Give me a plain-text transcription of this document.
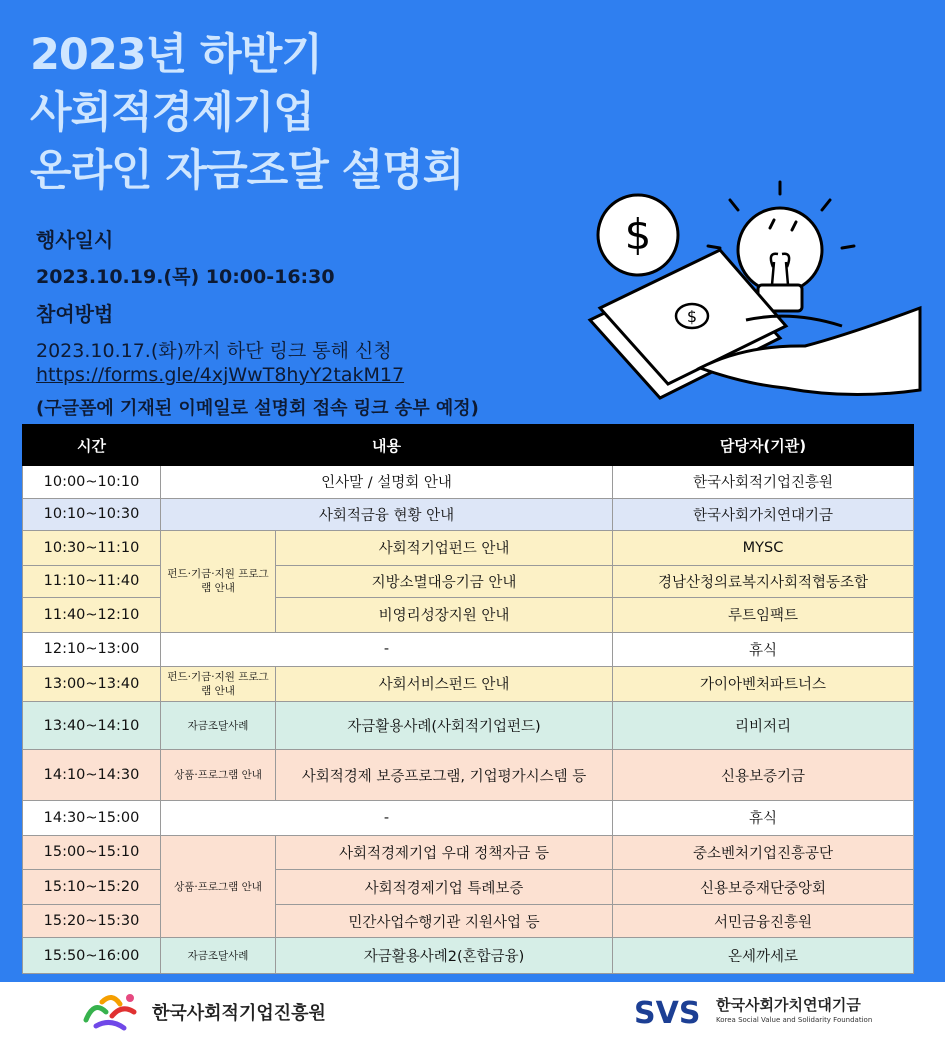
2023년 하반기
사회적경제기업
온라인 자금조달 설명회
행사일시
2023.10.19.(목) 10:00-16:30
참여방법
2023.10.17.(화)까지 하단 링크 통해 신청
https://forms.gle/4xjWwT8hyY2takM17
(구글폼에 기재된 이메일로 설명회 접속 링크 송부 예정)
$
$
시간	내용		담당자(기관)
10:00~10:10	인사말 / 설명회 안내		한국사회적기업진흥원
10:10~10:30	사회적금융 현황 안내		한국사회가치연대기금
10:30~11:10	펀드·기금·지원 프로그램 안내	사회적기업펀드 안내	MYSC
11:10~11:40		지방소멸대응기금 안내	경남산청의료복지사회적협동조합
11:40~12:10		비영리성장지원 안내	루트임팩트
12:10~13:00	-		휴식
13:00~13:40	펀드·기금·지원 프로그램 안내	사회서비스펀드 안내	가이아벤처파트너스
13:40~14:10	자금조달사례	자금활용사례(사회적기업펀드)	리비저리
14:10~14:30	상품·프로그램 안내	사회적경제 보증프로그램, 기업평가시스템 등	신용보증기금
14:30~15:00	-		휴식
15:00~15:10	상품·프로그램 안내	사회적경제기업 우대 정책자금 등	중소벤처기업진흥공단
15:10~15:20		사회적경제기업 특례보증	신용보증재단중앙회
15:20~15:30		민간사업수행기관 지원사업 등	서민금융진흥원
15:50~16:00	자금조달사례	자금활용사례2(혼합금융)	온세까세로
한국사회적기업진흥원	SVS 한국사회가치연대기금
Korea Social Value and Solidarity Foundation
